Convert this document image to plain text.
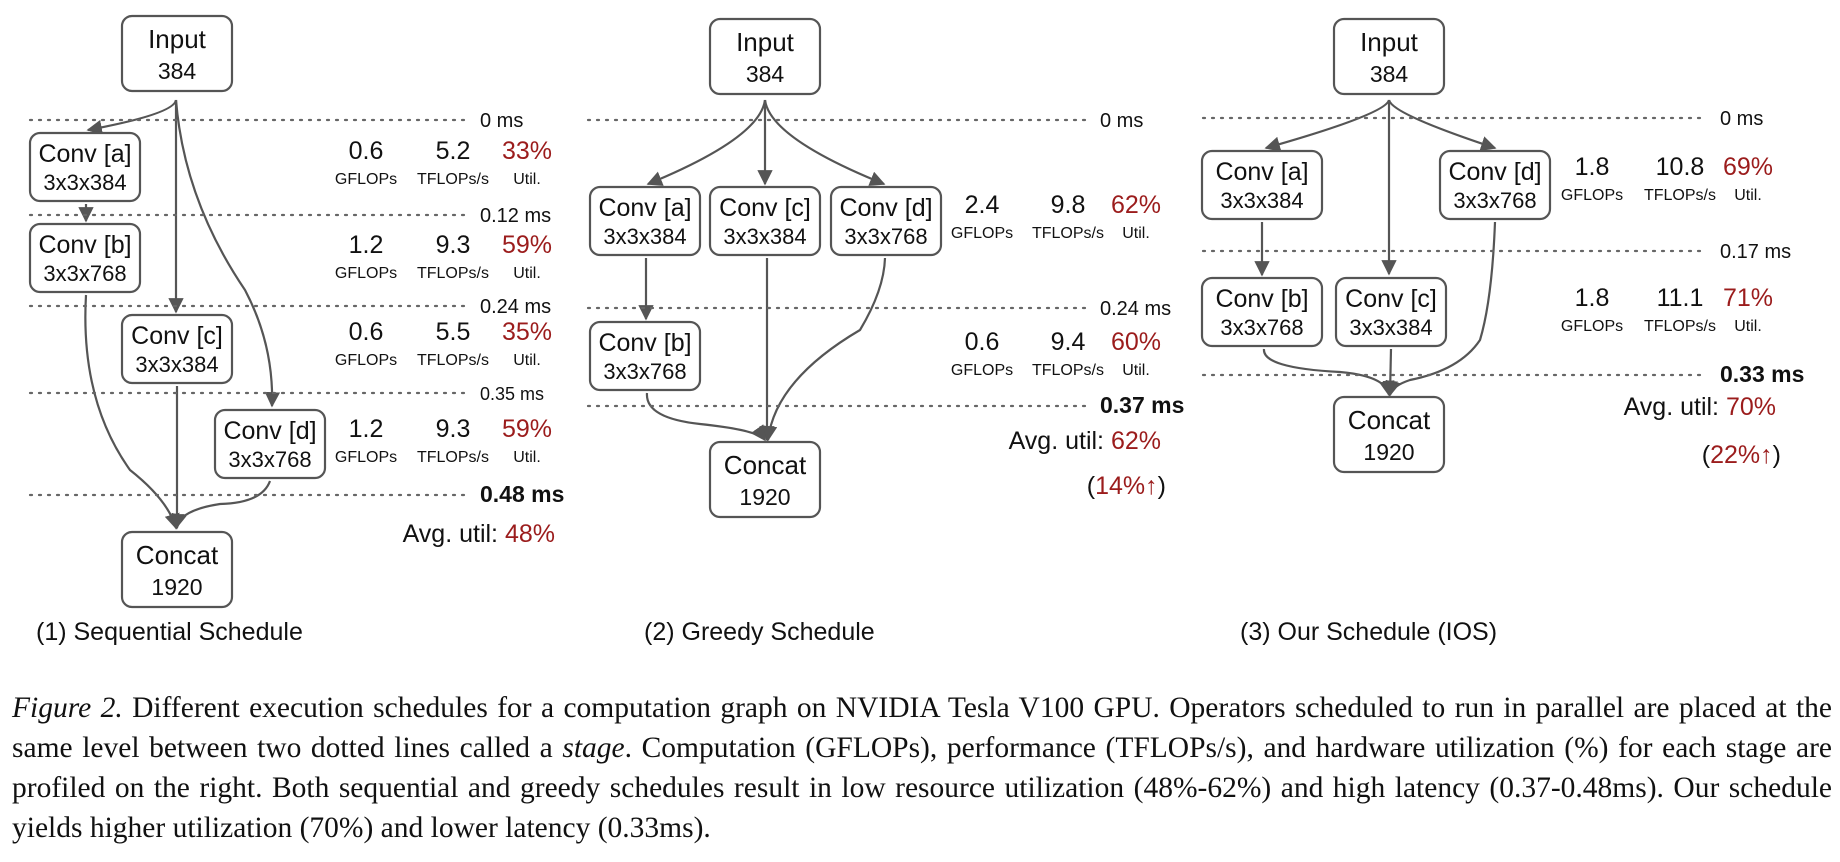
Input
384
Conv [a]
3x3x384
Conv [b]
3x3x768
Conv [c]
3x3x384
Conv [d]
3x3x768
Concat
1920
Input
384
Conv [a]
3x3x384
Conv [c]
3x3x384
Conv [d]
3x3x768
Conv [b]
3x3x768
Concat
1920
Input
384
Conv [a]
3x3x384
Conv [d]
3x3x768
Conv [b]
3x3x768
Conv [c]
3x3x384
Concat
1920
0 ms
0.12 ms
0.24 ms
0.35 ms
0.48 ms
0.6 5.2 33%
GFLOPs TFLOPs/s Util.
1.2 9.3 59%
GFLOPs TFLOPs/s Util.
0.6 5.5 35%
GFLOPs TFLOPs/s Util.
1.2 9.3 59%
GFLOPs TFLOPs/s Util.
Avg. util: 48%
(1) Sequential Schedule
0 ms
0.24 ms
0.37 ms
2.4 9.8 62%
GFLOPs TFLOPs/s Util.
0.6 9.4 60%
GFLOPs TFLOPs/s Util.
Avg. util: 62%
(14%↑)
(2) Greedy Schedule
0 ms
0.17 ms
0.33 ms
1.8 10.8 69%
GFLOPs TFLOPs/s Util.
1.8 11.1 71%
GFLOPs TFLOPs/s Util.
Avg. util: 70%
(22%↑)
(3) Our Schedule (IOS)
Figure 2. Different execution schedules for a computation graph on NVIDIA Tesla V100 GPU. Operators scheduled to run in parallel are placed at the same level between two dotted lines called a stage. Computation (GFLOPs), performance (TFLOPs/s), and hardware utilization (%) for each stage are profiled on the right. Both sequential and greedy schedules result in low resource utilization (48%-62%) and high latency (0.37-0.48ms). Our schedule yields higher utilization (70%) and lower latency (0.33ms).
